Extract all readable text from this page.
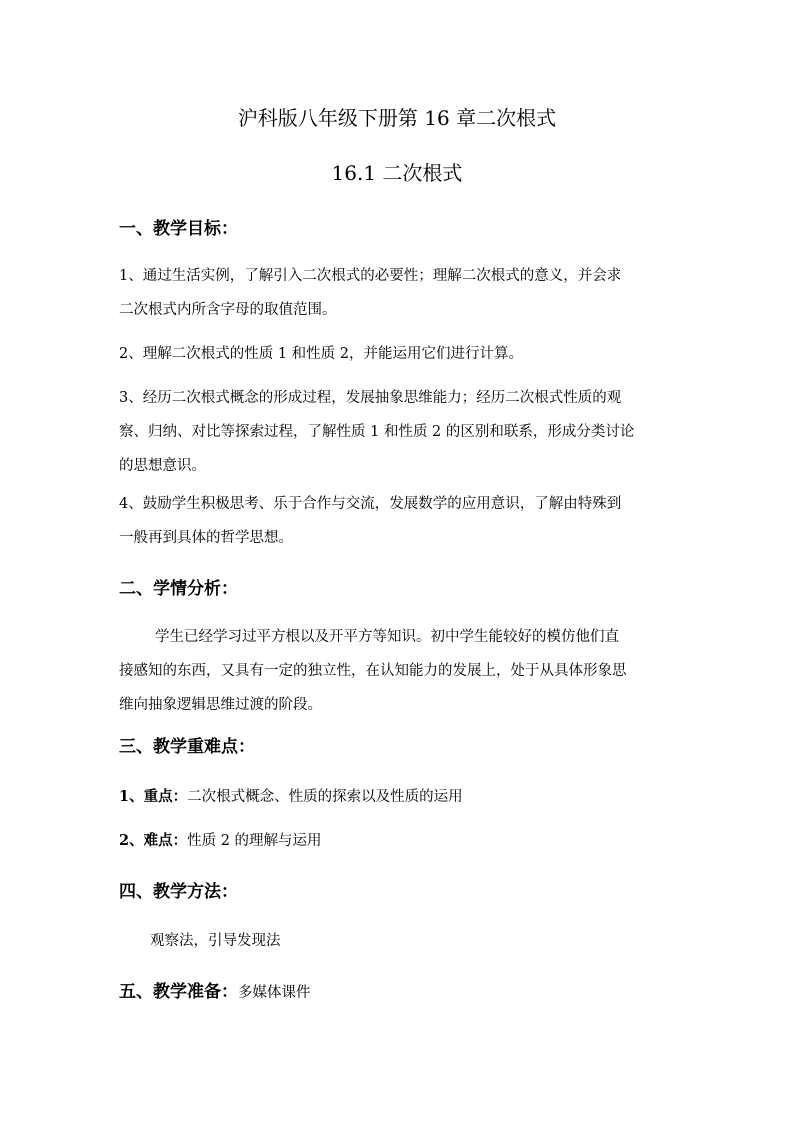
沪科版八年级下册第 16 章二次根式
16.1 二次根式
一、教学目标：
1、通过生活实例，了解引入二次根式的必要性；理解二次根式的意义，并会求
二次根式内所含字母的取值范围。
2、理解二次根式的性质 1 和性质 2，并能运用它们进行计算。
3、经历二次根式概念的形成过程，发展抽象思维能力；经历二次根式性质的观
察、归纳、对比等探索过程，了解性质 1 和性质 2 的区别和联系，形成分类讨论
的思想意识。
4、鼓励学生积极思考、乐于合作与交流，发展数学的应用意识，了解由特殊到
一般再到具体的哲学思想。
二、学情分析：
学生已经学习过平方根以及开平方等知识。初中学生能较好的模仿他们直
接感知的东西，又具有一定的独立性，在认知能力的发展上，处于从具体形象思
维向抽象逻辑思维过渡的阶段。
三、教学重难点：
1、重点：二次根式概念、性质的探索以及性质的运用
2、难点：性质 2 的理解与运用
四、教学方法：
观察法，引导发现法
五、教学准备：多媒体课件
